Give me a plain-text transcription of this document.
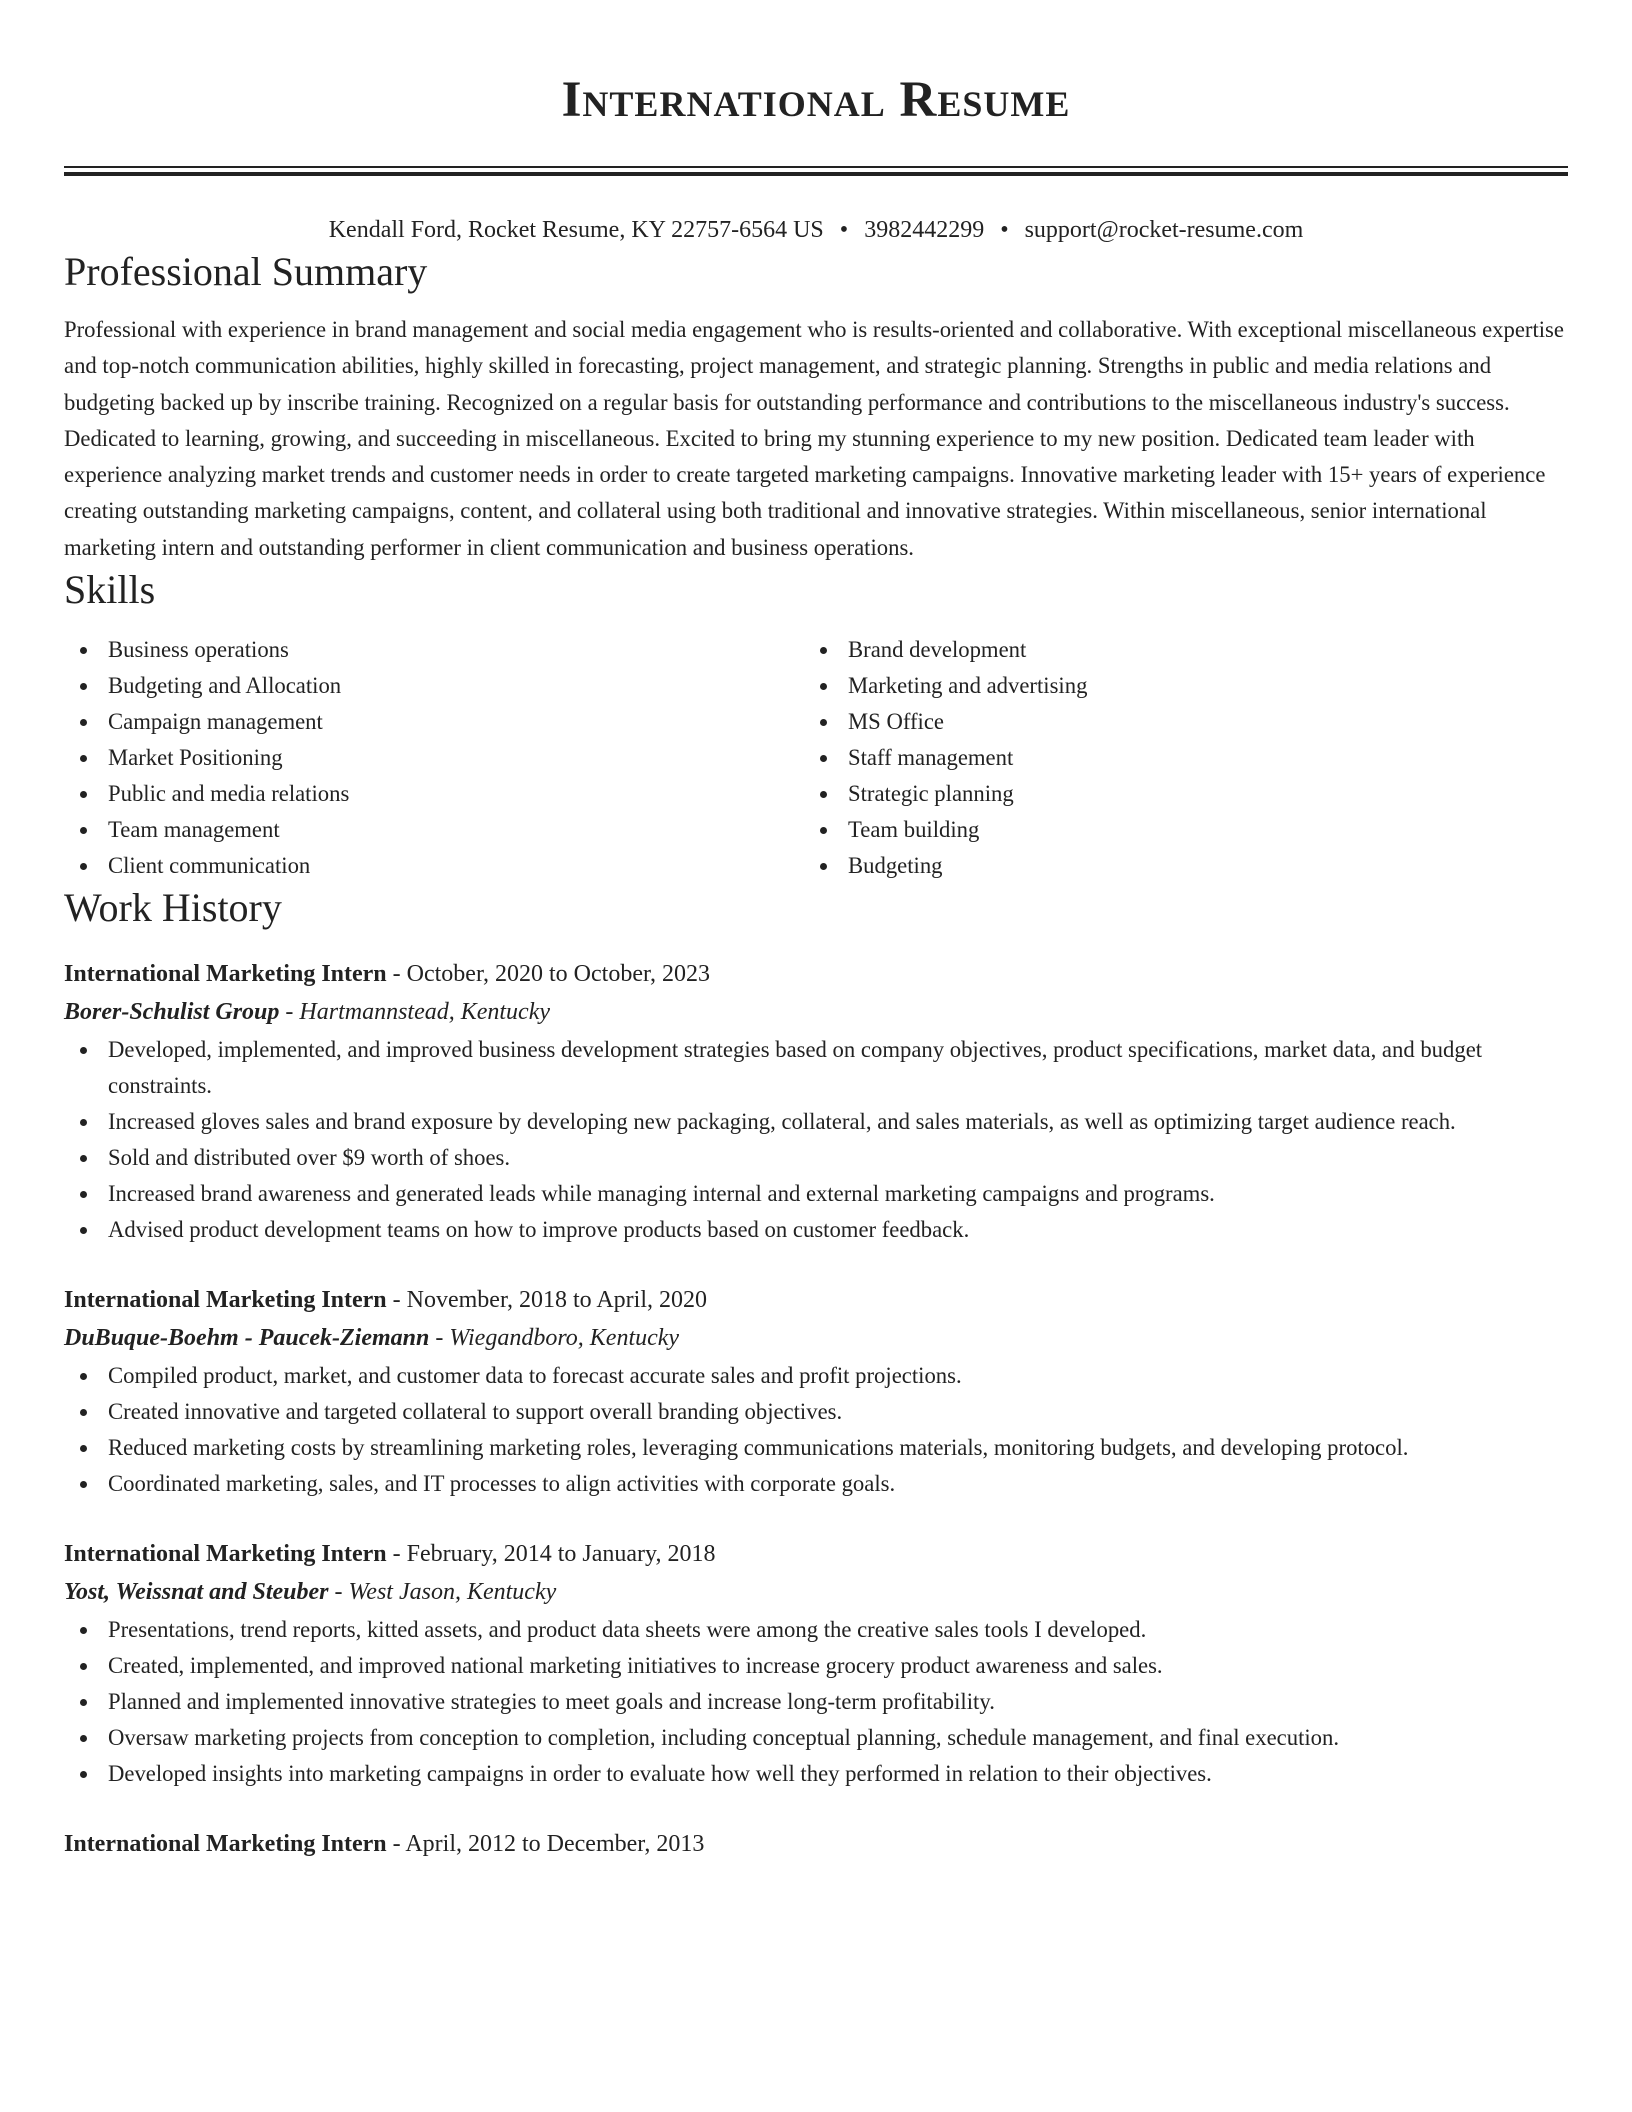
International Resume
Kendall Ford, Rocket Resume, KY 22757-6564 US • 3982442299 • support@rocket-resume.com
Professional Summary

Professional with experience in brand management and social media engagement who is results-oriented and collaborative. With exceptional miscellaneous expertise and top-notch communication abilities, highly skilled in forecasting, project management, and strategic planning. Strengths in public and media relations and budgeting backed up by inscribe training. Recognized on a regular basis for outstanding performance and contributions to the miscellaneous industry's success. Dedicated to learning, growing, and succeeding in miscellaneous. Excited to bring my stunning experience to my new position. Dedicated team leader with experience analyzing market trends and customer needs in order to create targeted marketing campaigns. Innovative marketing leader with 15+ years of experience creating outstanding marketing campaigns, content, and collateral using both traditional and innovative strategies. Within miscellaneous, senior international marketing intern and outstanding performer in client communication and business operations.

Skills
Business operations
Budgeting and Allocation
Campaign management
Market Positioning
Public and media relations
Team management
Client communication
Brand development
Marketing and advertising
MS Office
Staff management
Strategic planning
Team building
Budgeting
Work History
International Marketing Intern - October, 2020 to October, 2023
Borer-Schulist Group - Hartmannstead, Kentucky
Developed, implemented, and improved business development strategies based on company objectives, product specifications, market data, and budget constraints.
Increased gloves sales and brand exposure by developing new packaging, collateral, and sales materials, as well as optimizing target audience reach.
Sold and distributed over $9 worth of shoes.
Increased brand awareness and generated leads while managing internal and external marketing campaigns and programs.
Advised product development teams on how to improve products based on customer feedback.
International Marketing Intern - November, 2018 to April, 2020
DuBuque-Boehm - Paucek-Ziemann - Wiegandboro, Kentucky
Compiled product, market, and customer data to forecast accurate sales and profit projections.
Created innovative and targeted collateral to support overall branding objectives.
Reduced marketing costs by streamlining marketing roles, leveraging communications materials, monitoring budgets, and developing protocol.
Coordinated marketing, sales, and IT processes to align activities with corporate goals.
International Marketing Intern - February, 2014 to January, 2018
Yost, Weissnat and Steuber - West Jason, Kentucky
Presentations, trend reports, kitted assets, and product data sheets were among the creative sales tools I developed.
Created, implemented, and improved national marketing initiatives to increase grocery product awareness and sales.
Planned and implemented innovative strategies to meet goals and increase long-term profitability.
Oversaw marketing projects from conception to completion, including conceptual planning, schedule management, and final execution.
Developed insights into marketing campaigns in order to evaluate how well they performed in relation to their objectives.
International Marketing Intern - April, 2012 to December, 2013
